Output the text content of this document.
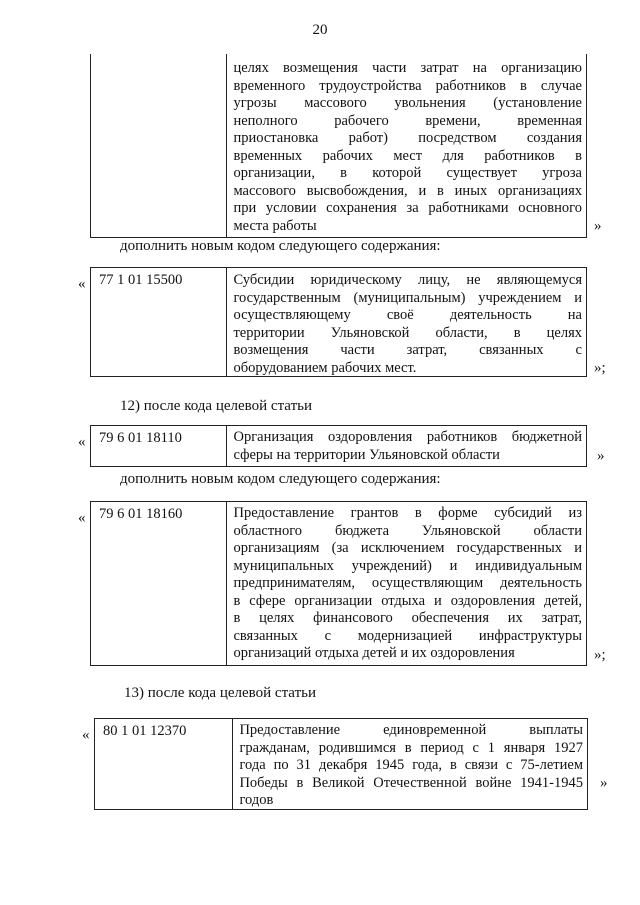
20
целях возмещения части затрат на организацию
временного трудоустройства работников в случае
угрозы массового увольнения (установление
неполного рабочего времени, временная
приостановка работ) посредством создания
временных рабочих мест для работников в
организации, в которой существует угроза
массового высвобождения, и в иных организациях
при условии сохранения за работниками основного
места работы	»
дополнить новым кодом следующего содержания:
« 77 1 01 15500	Субсидии юридическому лицу, не являющемуся
государственным (муниципальным) учреждением и
осуществляющему своё деятельность на
территории Ульяновской области, в целях
возмещения части затрат, связанных с
оборудованием рабочих мест.	»;
12) после кода целевой статьи
« 79 6 01 18110	Организация оздоровления работников бюджетной
сферы на территории Ульяновской области	»
дополнить новым кодом следующего содержания:
« 79 6 01 18160	Предоставление грантов в форме субсидий из
областного бюджета Ульяновской области
организациям (за исключением государственных и
муниципальных учреждений) и индивидуальным
предпринимателям, осуществляющим деятельность
в сфере организации отдыха и оздоровления детей,
в целях финансового обеспечения их затрат,
связанных с модернизацией инфраструктуры
организаций отдыха детей и их оздоровления	»;
13) после кода целевой статьи
« 80 1 01 12370	Предоставление единовременной выплаты
гражданам, родившимся в период с 1 января 1927
года по 31 декабря 1945 года, в связи с 75-летием
Победы в Великой Отечественной войне 1941-1945
годов
»
